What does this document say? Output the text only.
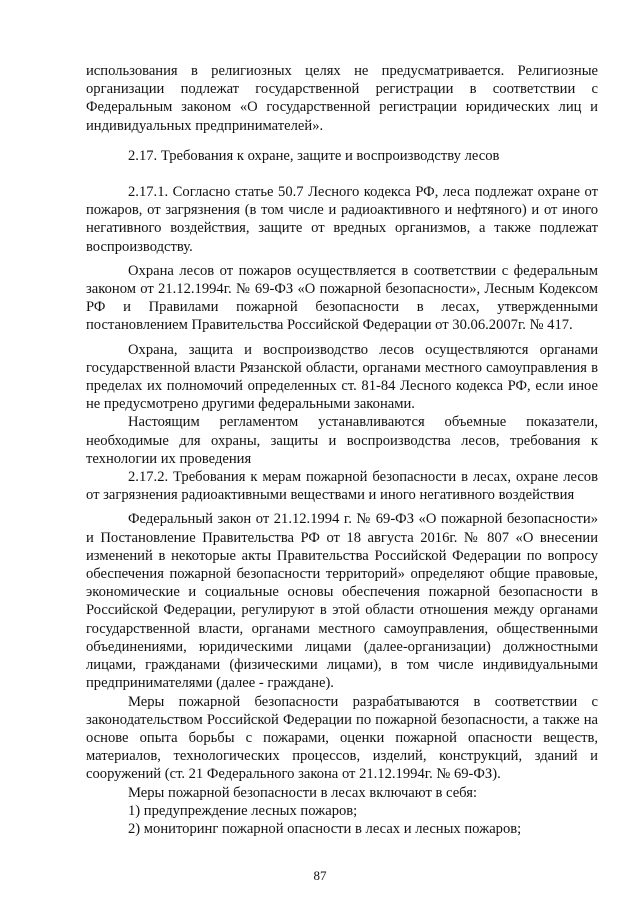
использования в религиозных целях не предусматривается. Религиозные организации подлежат государственной регистрации в соответствии с Федеральным законом «О государственной регистрации юридических лиц и индивидуальных предпринимателей».

2.17. Требования к охране, защите и воспроизводству лесов

2.17.1. Согласно статье 50.7 Лесного кодекса РФ, леса подлежат охране от пожаров, от загрязнения (в том числе и радиоактивного и нефтяного) и от иного негативного воздействия, защите от вредных организмов, а также подлежат воспроизводству.

Охрана лесов от пожаров осуществляется в соответствии с федеральным законом от 21.12.1994г. № 69-ФЗ «О пожарной безопасности», Лесным Кодексом РФ и Правилами пожарной безопасности в лесах, утвержденными постановлением Правительства Российской Федерации от 30.06.2007г. № 417.

Охрана, защита и воспроизводство лесов осуществляются органами государственной власти Рязанской области, органами местного самоуправления в пределах их полномочий определенных ст. 81-84 Лесного кодекса РФ, если иное не предусмотрено другими федеральными законами.

Настоящим регламентом устанавливаются объемные показатели, необходимые для охраны, защиты и воспроизводства лесов, требования к технологии их проведения

2.17.2. Требования к мерам пожарной безопасности в лесах, охране лесов от загрязнения радиоактивными веществами и иного негативного воздействия

Федеральный закон от 21.12.1994 г. № 69-ФЗ «О пожарной безопасности» и Постановление Правительства РФ от 18 августа 2016г. № 807 «О внесении изменений в некоторые акты Правительства Российской Федерации по вопросу обеспечения пожарной безопасности территорий» определяют общие правовые, экономические и социальные основы обеспечения пожарной безопасности в Российской Федерации, регулируют в этой области отношения между органами государственной власти, органами местного самоуправления, общественными объединениями, юридическими лицами (далее-организации) должностными лицами, гражданами (физическими лицами), в том числе индивидуальными предпринимателями (далее - граждане).

Меры пожарной безопасности разрабатываются в соответствии с законодательством Российской Федерации по пожарной безопасности, а также на основе опыта борьбы с пожарами, оценки пожарной опасности веществ, материалов, технологических процессов, изделий, конструкций, зданий и сооружений (ст. 21 Федерального закона от 21.12.1994г. № 69-ФЗ).

Меры пожарной безопасности в лесах включают в себя:

1) предупреждение лесных пожаров;

2) мониторинг пожарной опасности в лесах и лесных пожаров;

87
